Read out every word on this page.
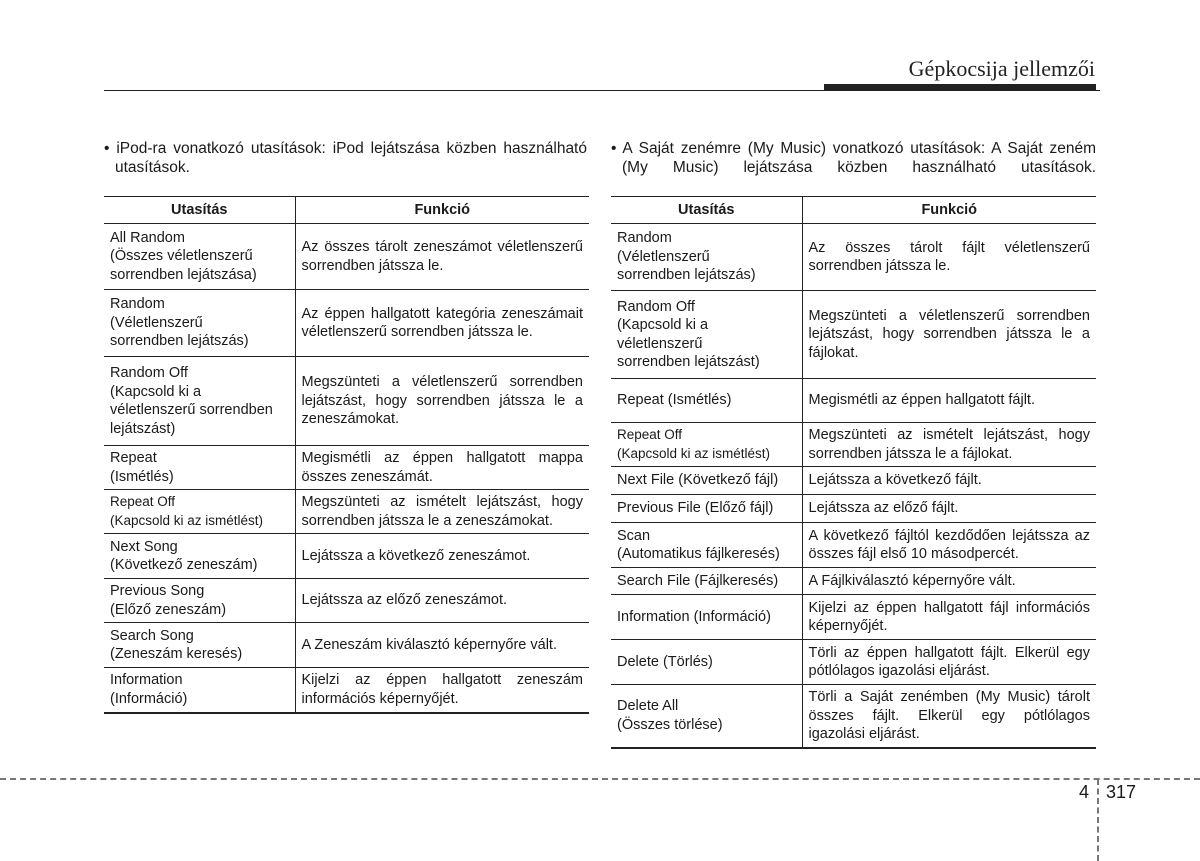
Gépkocsija jellemzői
• iPod-ra vonatkozó utasítások: iPod lejátszása közben használható utasítások.
• A Saját zenémre (My Music) vonatkozó utasítások: A Saját zeném (My Music) lejátszása közben használható utasítások.
Utasítás	Funkció
All Random
(Összes véletlenszerű
sorrendben lejátszása)	Az összes tárolt zeneszámot véletlenszerű sorrendben játssza le.
Random
(Véletlenszerű
sorrendben lejátszás)	Az éppen hallgatott kategória zeneszámait véletlenszerű sorrendben játssza le.
Random Off
(Kapcsold ki a
véletlenszerű sorrendben
lejátszást)	Megszünteti a véletlenszerű sorrendben lejátszást, hogy sorrendben játssza le a zeneszámokat.
Repeat
(Ismétlés)	Megismétli az éppen hallgatott mappa összes zeneszámát.
Repeat Off
(Kapcsold ki az ismétlést)	Megszünteti az ismételt lejátszást, hogy sorrendben játssza le a zeneszámokat.
Next Song
(Következő zeneszám)	Lejátssza a következő zeneszámot.
Previous Song
(Előző zeneszám)	Lejátssza az előző zeneszámot.
Search Song
(Zeneszám keresés)	A Zeneszám kiválasztó képernyőre vált.
Information
(Információ)	Kijelzi az éppen hallgatott zeneszám információs képernyőjét.
Utasítás	Funkció
Random
(Véletlenszerű
sorrendben lejátszás)	Az összes tárolt fájlt véletlenszerű sorrendben játssza le.
Random Off
(Kapcsold ki a
véletlenszerű
sorrendben lejátszást)	Megszünteti a véletlenszerű sorrendben lejátszást, hogy sorrendben játssza le a fájlokat.
Repeat (Ismétlés)	Megismétli az éppen hallgatott fájlt.
Repeat Off
(Kapcsold ki az ismétlést)	Megszünteti az ismételt lejátszást, hogy sorrendben játssza le a fájlokat.
Next File (Következő fájl)	Lejátssza a következő fájlt.
Previous File (Előző fájl)	Lejátssza az előző fájlt.
Scan
(Automatikus fájlkeresés)	A következő fájltól kezdődően lejátssza az összes fájl első 10 másodpercét.
Search File (Fájlkeresés)	A Fájlkiválasztó képernyőre vált.
Information (Információ)	Kijelzi az éppen hallgatott fájl információs képernyőjét.
Delete (Törlés)	Törli az éppen hallgatott fájlt. Elkerül egy pótlólagos igazolási eljárást.
Delete All
(Összes törlése)	Törli a Saját zenémben (My Music) tárolt összes fájlt. Elkerül egy pótlólagos igazolási eljárást.
4 317
